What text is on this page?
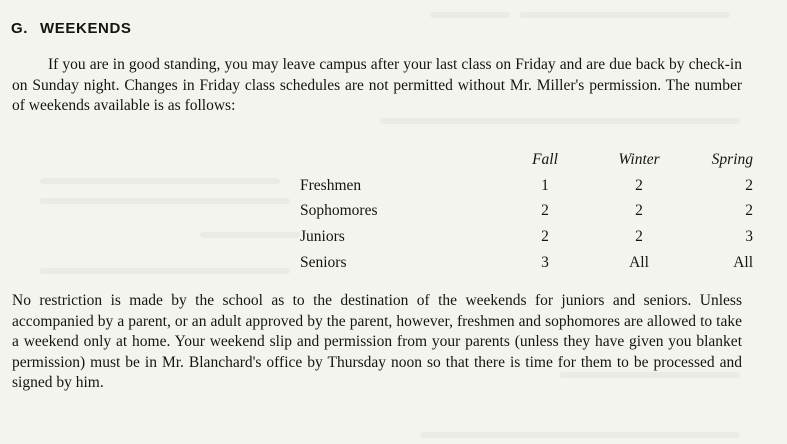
G. WEEKENDS

If you are in good standing, you may leave campus after your last class on Friday and are due back by check-in on Sunday night. Changes in Friday class schedules are not permitted without Mr. Miller's permission. The number of weekends available is as follows:

	Fall	Winter	Spring
Freshmen	1	2	2
Sophomores	2	2	2
Juniors	2	2	3
Seniors	3	All	All

No restriction is made by the school as to the destination of the weekends for juniors and seniors. Unless accompanied by a parent, or an adult approved by the parent, however, freshmen and sophomores are allowed to take a weekend only at home. Your weekend slip and permission from your parents (unless they have given you blanket permission) must be in Mr. Blanchard's office by Thursday noon so that there is time for them to be processed and signed by him.
